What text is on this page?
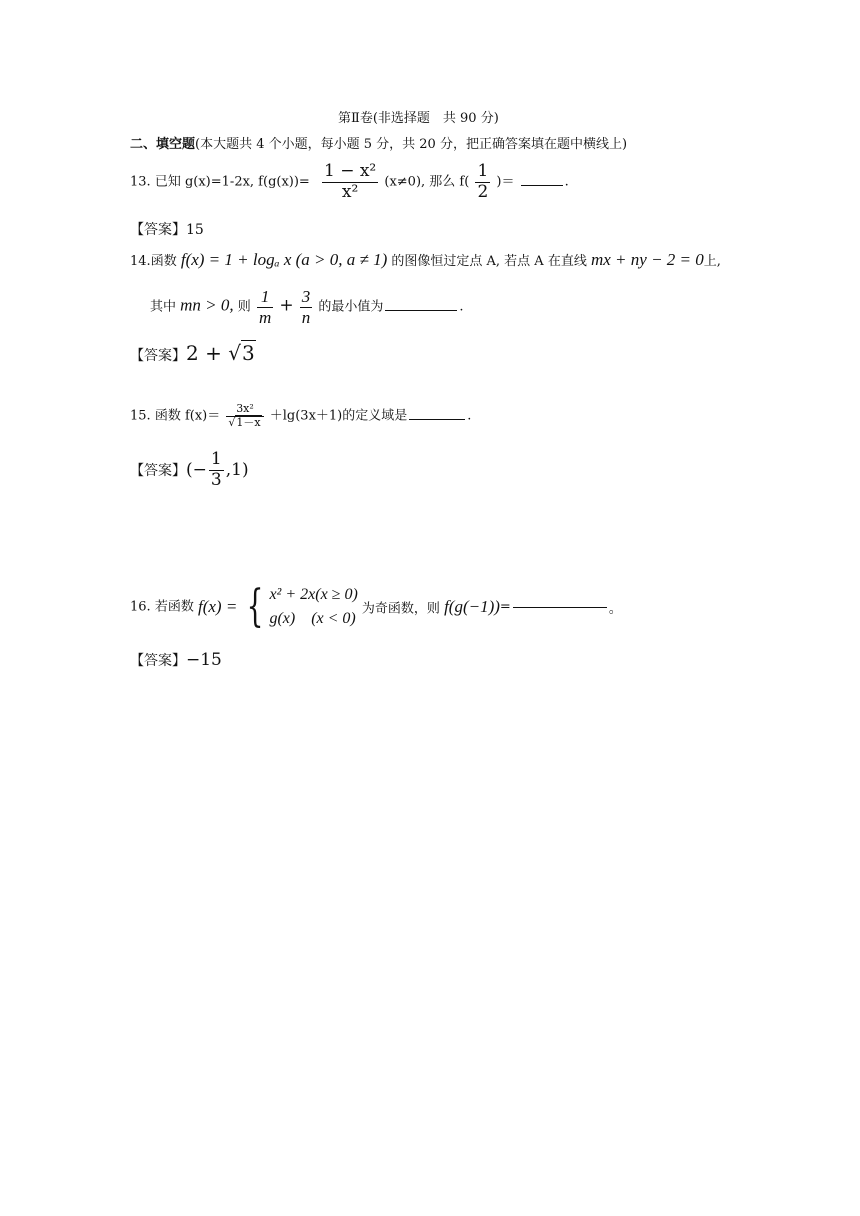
第Ⅱ卷(非选择题　共 90 分)
二、填空题(本大题共 4 个小题，每小题 5 分，共 20 分，把正确答案填在题中横线上)
13. 已知 g(x)=1-2x, $f(g(x))= \frac{\text{1 − x²}}{\text{x²}} (x\ne 0)$, 那么 $f( \frac{1}{2}$ )＝	.
【答案】15
14.函数 f(x) = 1 + logₐ x (a > 0, a ≠ 1) 的图像恒过定点 A, 若点 A 在直线 mx + ny − 2 = 0上,
其中 mn > 0, 则 $\frac{1}{m} + \frac{3}{n}$ 的最小值为	.
【答案】2 + √3
15. 函数 $f(x)= \frac{\text{3x²}}{√1-x} +\lg(3x+1)$的定义域是	.
【答案】(− $\frac{1}{3} ,1$)
16. 若函数 f(x) = { x² + 2x(x ≥ 0)
g(x)    (x < 0)
为奇函数，则 f(g(−1))=	。
【答案】−15
